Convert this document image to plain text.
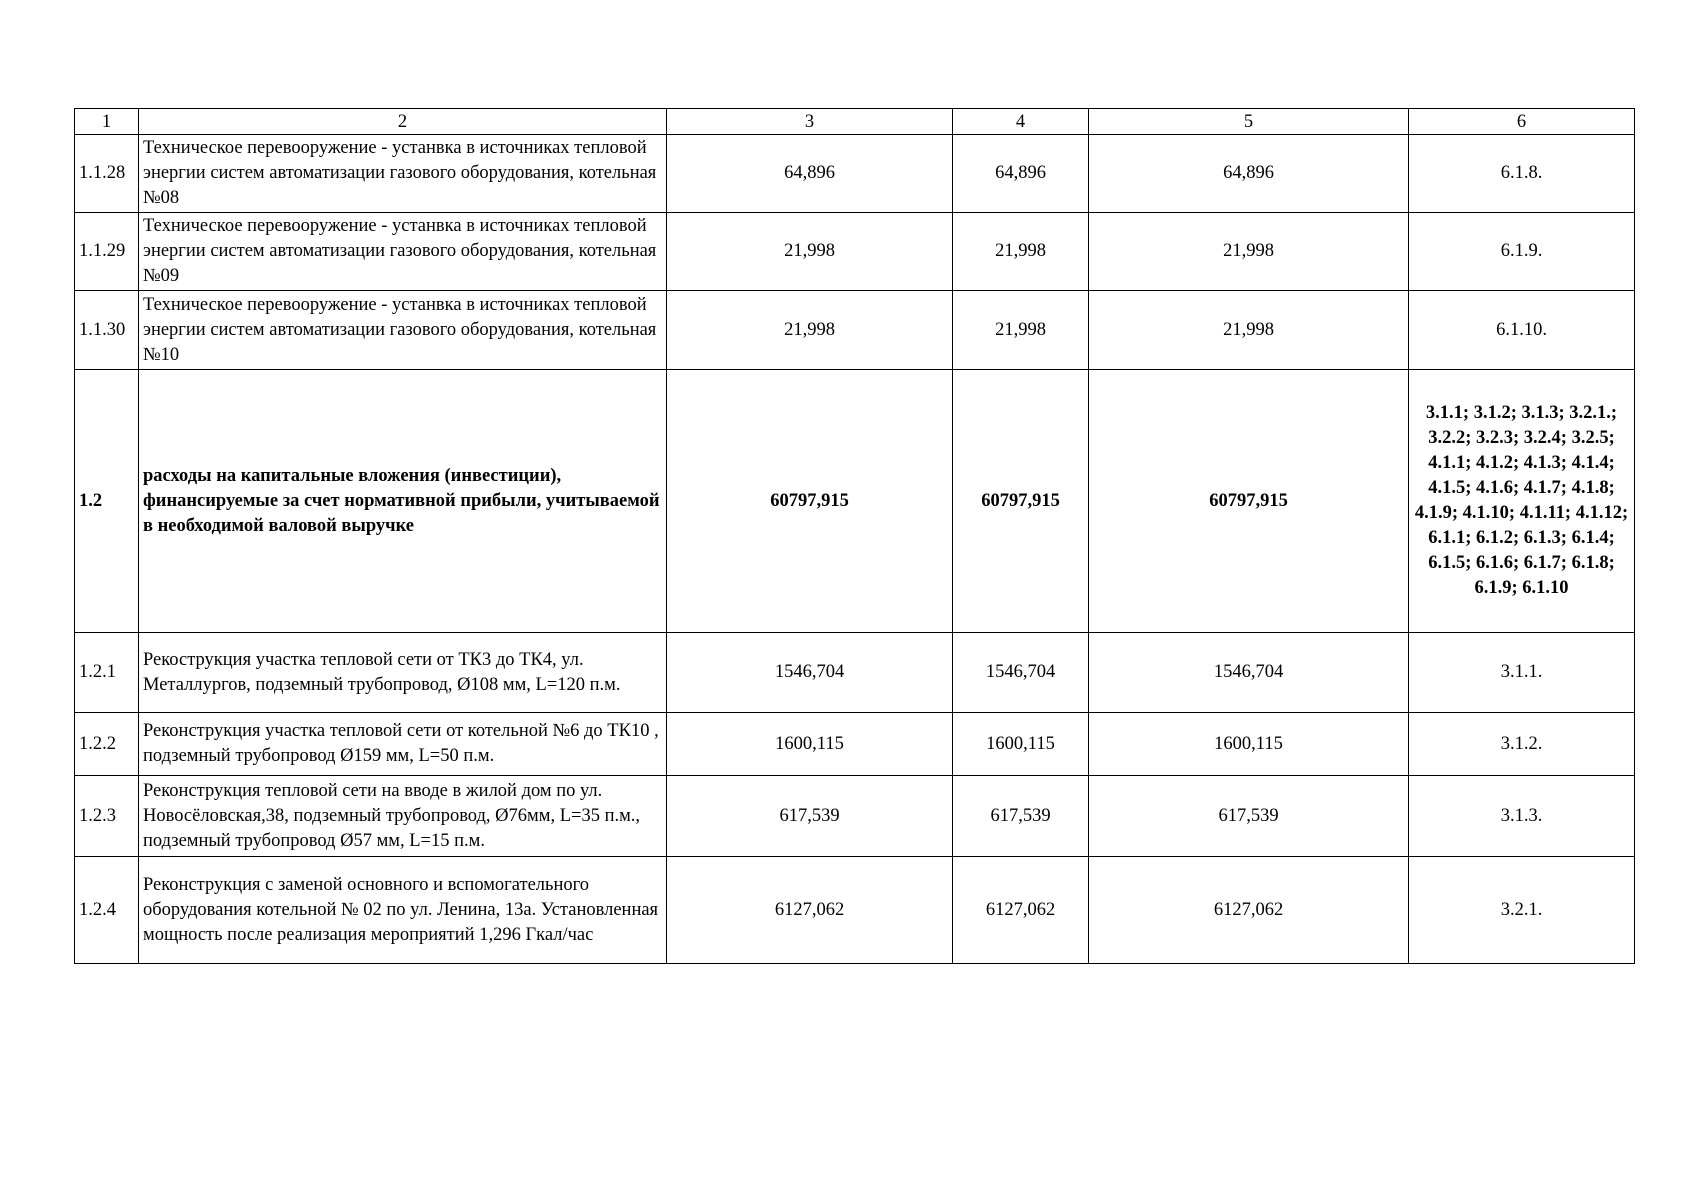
1	2	3	4	5	6
1.1.28	Техническое перевооружение - устанвка в источниках тепловой энергии систем автоматизации газового оборудования, котельная №08	64,896	64,896	64,896	6.1.8.
1.1.29	Техническое перевооружение - устанвка в источниках тепловой энергии систем автоматизации газового оборудования, котельная №09	21,998	21,998	21,998	6.1.9.
1.1.30	Техническое перевооружение - устанвка в источниках тепловой энергии систем автоматизации газового оборудования, котельная №10	21,998	21,998	21,998	6.1.10.
1.2	расходы на капитальные вложения (инвестиции), финансируемые за счет нормативной прибыли, учитываемой в необходимой валовой выручке	60797,915	60797,915	60797,915	3.1.1; 3.1.2; 3.1.3; 3.2.1.; 3.2.2; 3.2.3; 3.2.4; 3.2.5; 4.1.1; 4.1.2; 4.1.3; 4.1.4; 4.1.5; 4.1.6; 4.1.7; 4.1.8; 4.1.9; 4.1.10; 4.1.11; 4.1.12; 6.1.1; 6.1.2; 6.1.3; 6.1.4; 6.1.5; 6.1.6; 6.1.7; 6.1.8; 6.1.9; 6.1.10
1.2.1	Рекострукция участка тепловой сети от ТК3 до ТК4, ул. Металлургов, подземный трубопровод, Ø108 мм, L=120 п.м.	1546,704	1546,704	1546,704	3.1.1.
1.2.2	Реконструкция участка тепловой сети от котельной №6 до ТК10 , подземный трубопровод Ø159 мм, L=50 п.м.	1600,115	1600,115	1600,115	3.1.2.
1.2.3	Реконструкция тепловой сети на вводе в жилой дом по ул. Новосёловская,38, подземный трубопровод, Ø76мм, L=35 п.м., подземный трубопровод Ø57 мм, L=15 п.м.	617,539	617,539	617,539	3.1.3.
1.2.4	Реконструкция с заменой основного и вспомогательного оборудования котельной № 02 по ул. Ленина, 13а. Установленная мощность после реализация мероприятий 1,296 Гкал/час	6127,062	6127,062	6127,062	3.2.1.
